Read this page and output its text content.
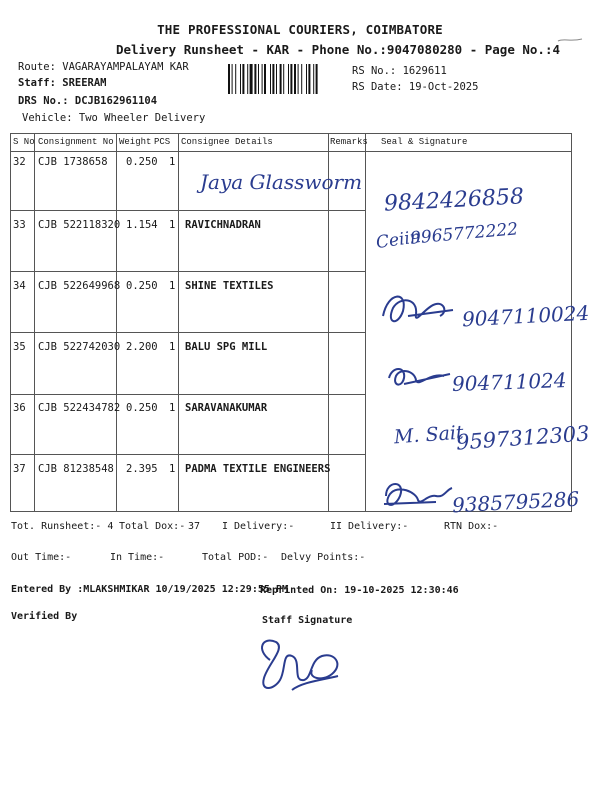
THE PROFESSIONAL COURIERS, COIMBATORE
Delivery Runsheet - KAR - Phone No.:9047080280 - Page No.:4
Route: VAGARAYAMPALAYAM KAR
Staff: SREERAM
DRS No.: DCJB162961104
Vehicle: Two Wheeler Delivery
RS No.: 1629611
RS Date: 19-Oct-2025
S No Consignment No Weight PCS Consignee Details	Remarks Seal & Signature
32 CJB 1738658 0.250 1
Jaya Glassworm
9842426858
33 CJB 522118320 1.154 1 RAVICHNADRAN
Ceiin
9965772222
34 CJB 522649968 0.250 1 SHINE TEXTILES
9047110024
35 CJB 522742030 2.200 1 BALU SPG MILL
904711024
36 CJB 522434782 0.250 1 SARAVANAKUMAR
M. Sait
9597312303
37 CJB 81238548 2.395 1 PADMA TEXTILE ENGINEERS
9385795286
Tot. Runsheet:- 4 Total Dox:- 37 I Delivery:-	II Delivery:-	RTN Dox:-
Out Time:-	In Time:-	Total POD:- Delvy Points:-
Entered By :MLAKSHMIKAR 10/19/2025 12:29:55 PM
Reprinted On: 19-10-2025 12:30:46
Verified By	Staff Signature
